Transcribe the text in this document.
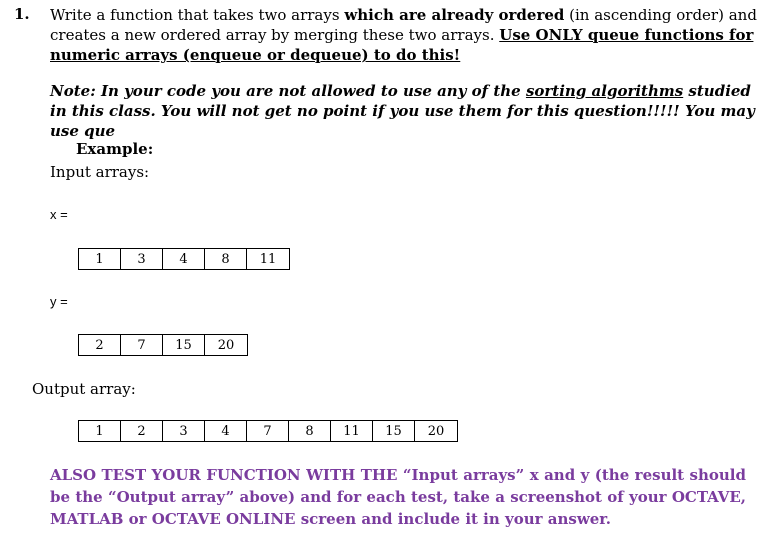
1. Write a function that takes two arrays which are already ordered (in ascending order) and creates a new ordered array by merging these two arrays. Use ONLY queue functions for numeric arrays (enqueue or dequeue) to do this!
Note: In your code you are not allowed to use any of the sorting algorithms studied in this class. You will not get no point if you use them for this question!!!!! You may use que
Example:
Input arrays:
x =
1	3	4	8	11
y =
2	7	15	20
Output array:
1	2	3	4	7	8	11	15	20
ALSO TEST YOUR FUNCTION WITH THE “Input arrays” x and y (the result should be the “Output array” above) and for each test, take a screenshot of your OCTAVE, MATLAB or OCTAVE ONLINE screen and include it in your answer.
